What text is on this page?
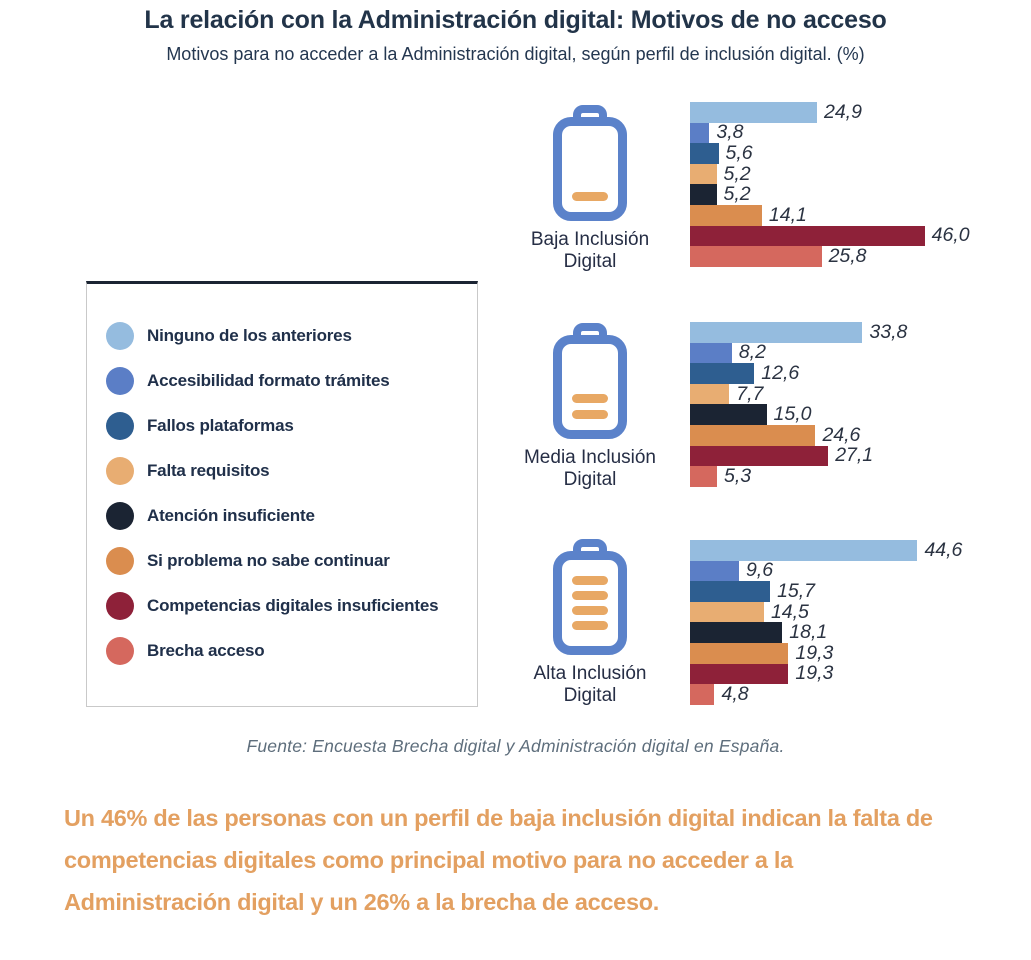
La relación con la Administración digital: Motivos de no acceso
Motivos para no acceder a la Administración digital, según perfil de inclusión digital. (%)
Ninguno de los anteriores
Accesibilidad formato trámites
Fallos plataformas
Falta requisitos
Atención insuficiente
Si problema no sabe continuar
Competencias digitales insuficientes
Brecha acceso
Baja Inclusión
Digital
24,9
3,8
5,6
5,2
5,2
14,1
46,0
25,8
Media Inclusión
Digital
33,8
8,2
12,6
7,7
15,0
24,6
27,1
5,3
Alta Inclusión
Digital
44,6
9,6
15,7
14,5
18,1
19,3
19,3
4,8
Fuente: Encuesta Brecha digital y Administración digital en España.
Un 46% de las personas con un perfil de baja inclusión digital indican la falta de competencias digitales como principal motivo para no acceder a la Administración digital y un 26% a la brecha de acceso.
